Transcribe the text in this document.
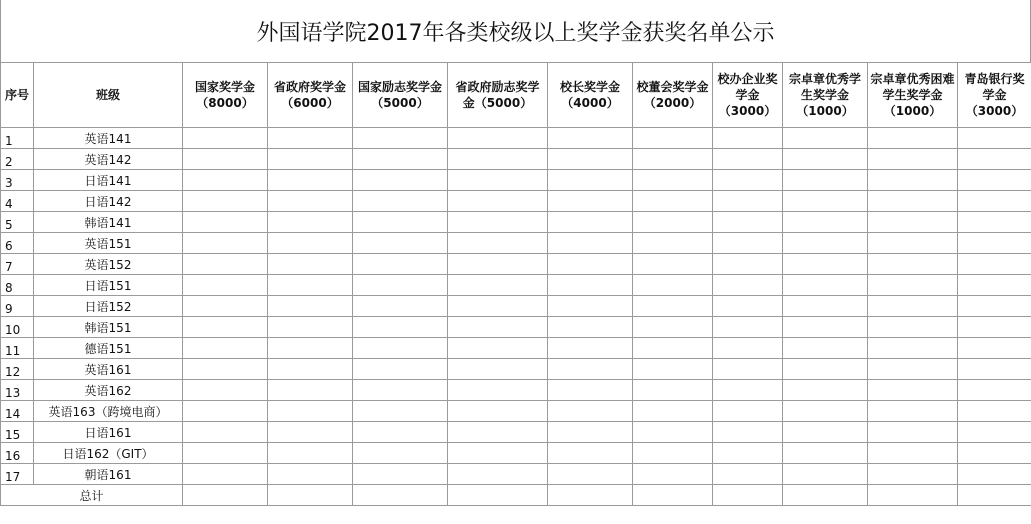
外国语学院2017年各类校级以上奖学金获奖名单公示
序号	班级	国家奖学金（8000）	省政府奖学金（6000）	国家励志奖学金（5000）	省政府励志奖学金（5000）	校长奖学金（4000）	校董会奖学金（2000）	校办企业奖学金（3000）	宗卓章优秀学生奖学金（1000）	宗卓章优秀困难学生奖学金（1000）	青岛银行奖学金（3000）
1	英语141										
2	英语142										
3	日语141										
4	日语142										
5	韩语141										
6	英语151										
7	英语152										
8	日语151										
9	日语152										
10	韩语151										
11	德语151										
12	英语161										
13	英语162										
14	英语163（跨境电商）										
15	日语161										
16	日语162（GIT）										
17	朝语161										
总计											
